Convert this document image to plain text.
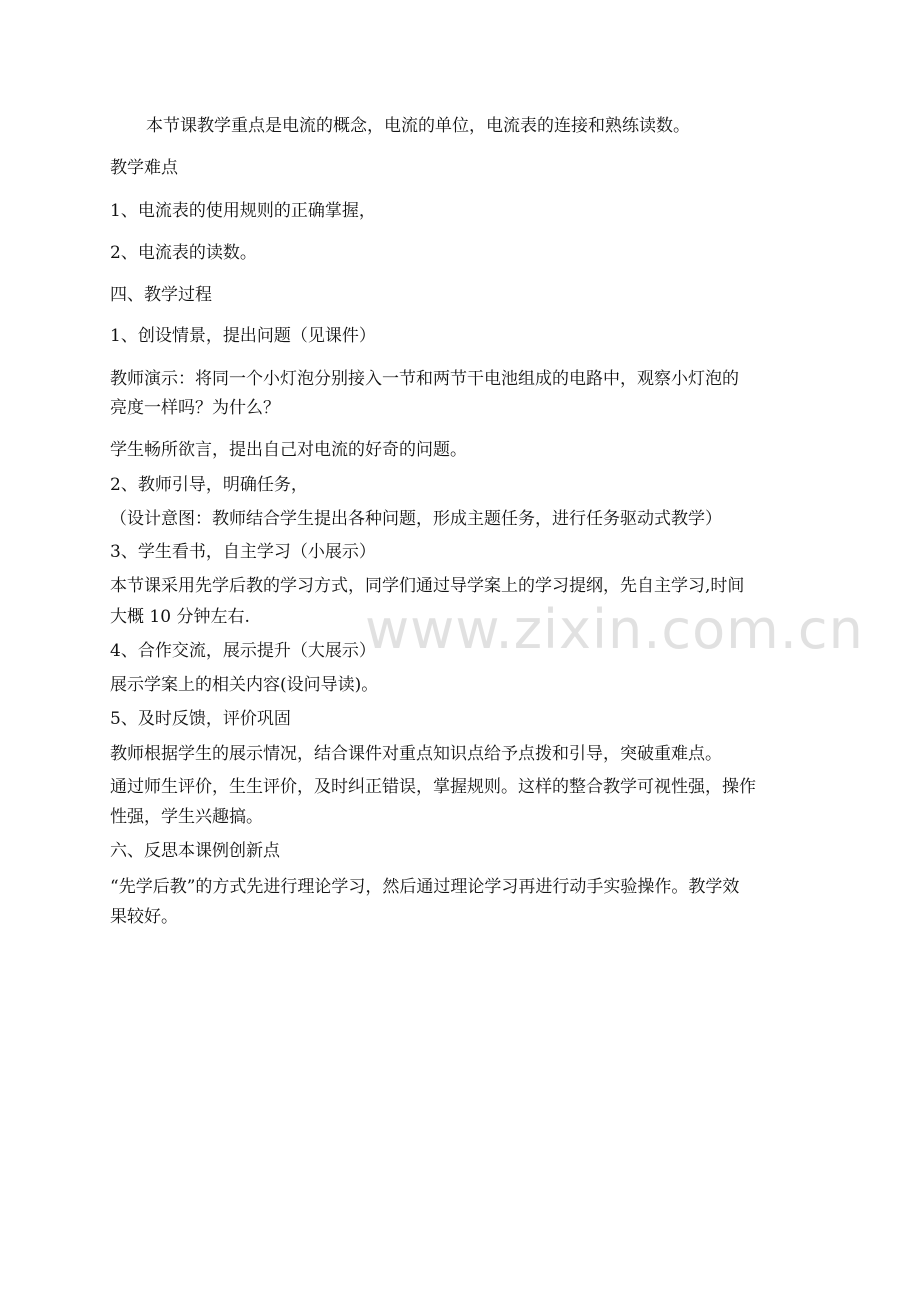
www.zixin.com.cn
本节课教学重点是电流的概念，电流的单位，电流表的连接和熟练读数。
教学难点
1、电流表的使用规则的正确掌握，
2、电流表的读数。
四、教学过程
1、创设情景，提出问题（见课件）
教师演示：将同一个小灯泡分别接入一节和两节干电池组成的电路中，观察小灯泡的
亮度一样吗？为什么？
学生畅所欲言，提出自己对电流的好奇的问题。
2、教师引导，明确任务，
（设计意图：教师结合学生提出各种问题，形成主题任务，进行任务驱动式教学）
3、学生看书，自主学习（小展示）
本节课采用先学后教的学习方式，同学们通过导学案上的学习提纲，先自主学习,时间
大概 10 分钟左右.
4、合作交流，展示提升（大展示）
展示学案上的相关内容(设问导读)。
5、及时反馈，评价巩固
教师根据学生的展示情况，结合课件对重点知识点给予点拨和引导，突破重难点。
通过师生评价，生生评价，及时纠正错误，掌握规则。这样的整合教学可视性强，操作
性强，学生兴趣搞。
六、反思本课例创新点
“先学后教”的方式先进行理论学习，然后通过理论学习再进行动手实验操作。教学效
果较好。
